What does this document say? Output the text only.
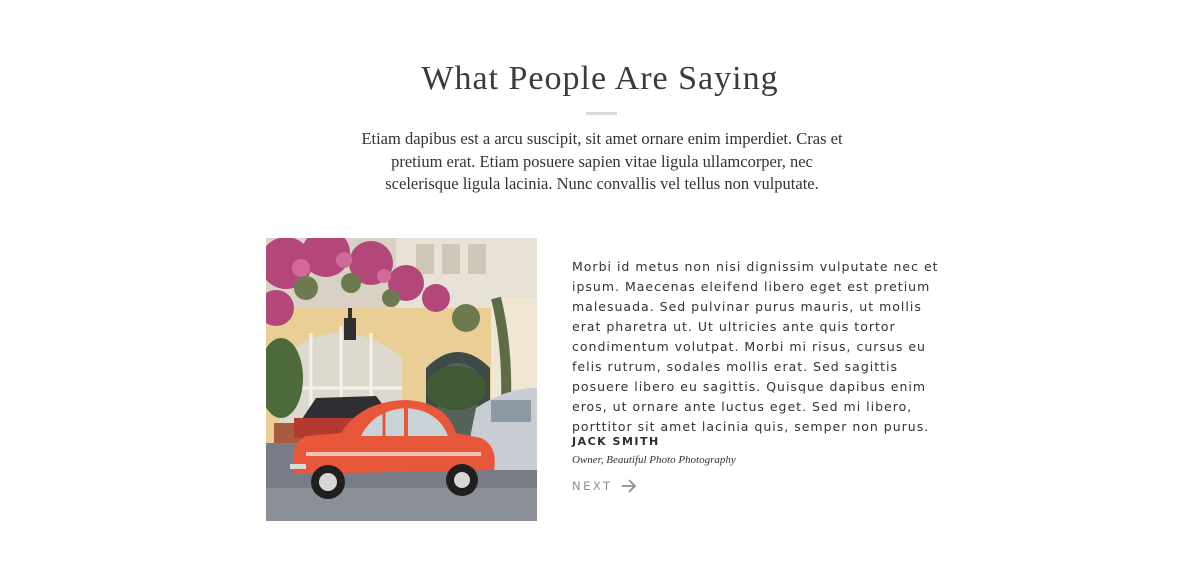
What People Are Saying

Etiam dapibus est a arcu suscipit, sit amet ornare enim imperdiet. Cras et pretium erat. Etiam posuere sapien vitae ligula ullamcorper, nec scelerisque ligula lacinia. Nunc convallis vel tellus non vulputate.

Morbi id metus non nisi dignissim vulputate nec et ipsum. Maecenas eleifend libero eget est pretium malesuada. Sed pulvinar purus mauris, ut mollis erat pharetra ut. Ut ultricies ante quis tortor condimentum volutpat. Morbi mi risus, cursus eu felis rutrum, sodales mollis erat. Sed sagittis posuere libero eu sagittis. Quisque dapibus enim eros, ut ornare ante luctus eget. Sed mi libero, porttitor sit amet lacinia quis, semper non purus.

JACK SMITH

Owner, Beautiful Photo Photography

NEXT
